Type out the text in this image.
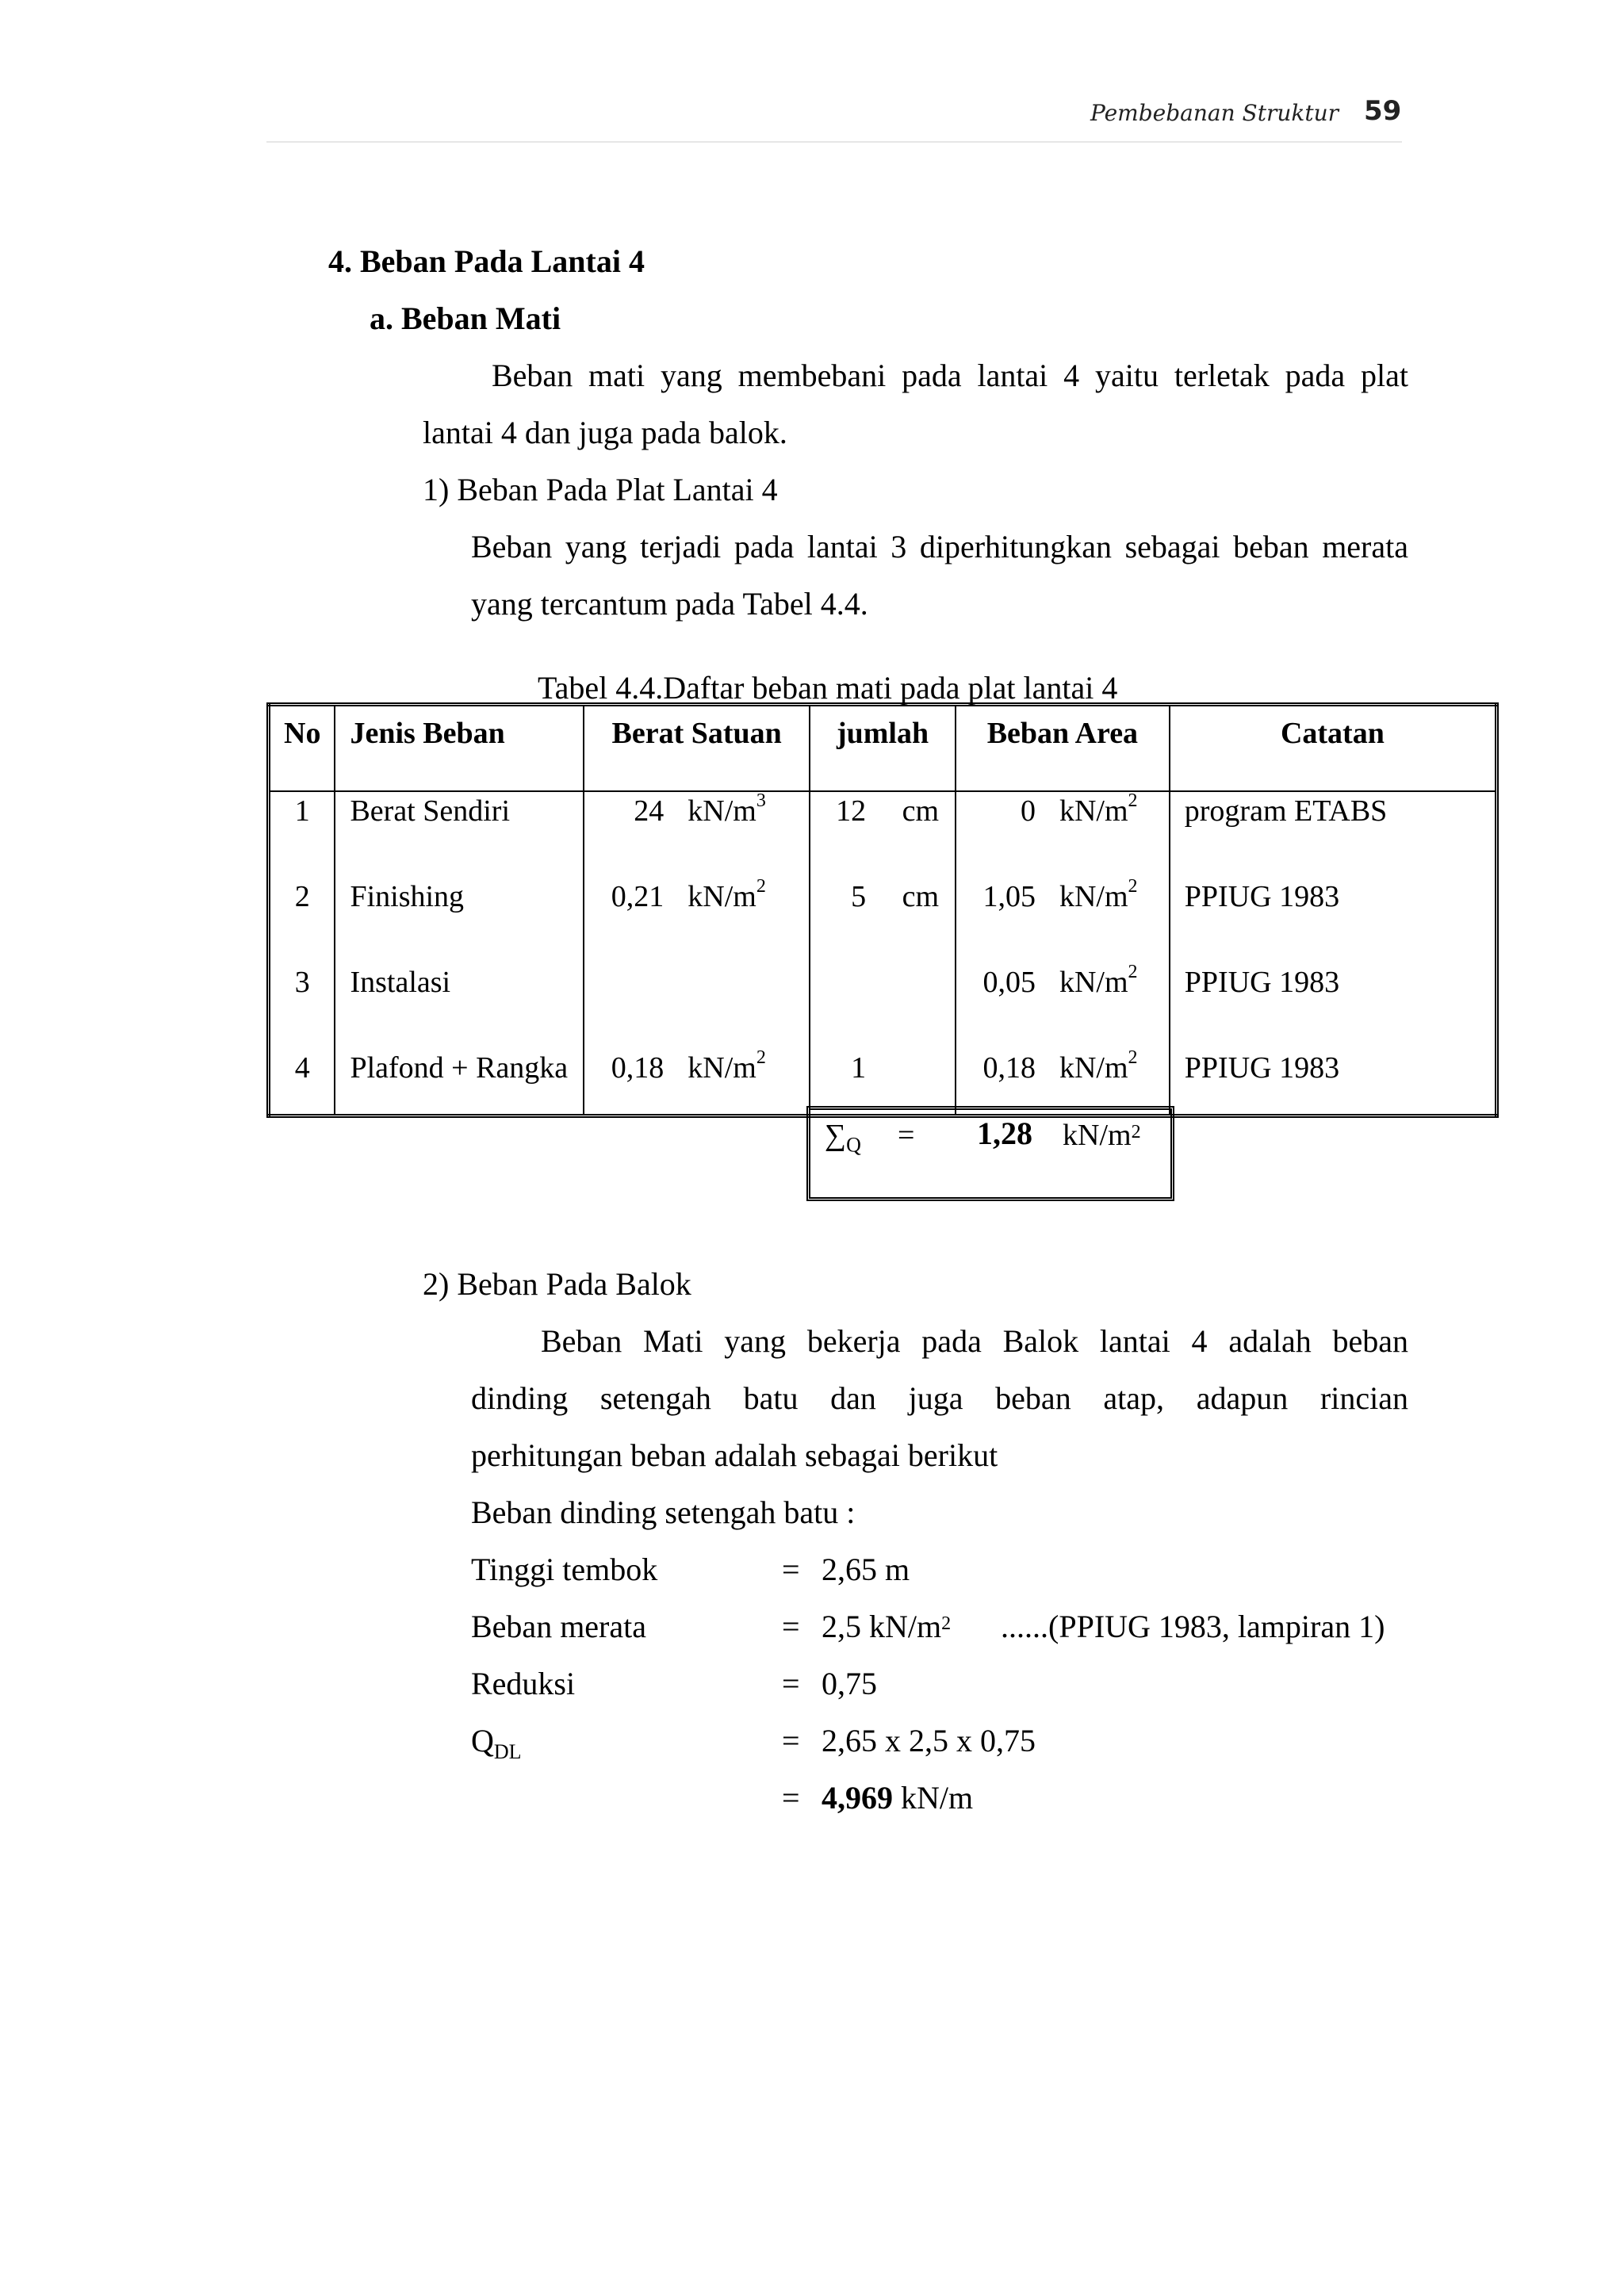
Pembebanan Struktur 59
4. Beban Pada Lantai 4
a. Beban Mati
Beban mati yang membebani pada lantai 4 yaitu terletak pada plat
lantai 4 dan juga pada balok.
1) Beban Pada Plat Lantai 4
Beban yang terjadi pada lantai 3 diperhitungkan sebagai beban merata
yang tercantum pada Tabel 4.4.
Tabel 4.4.Daftar beban mati pada plat lantai 4
No	Jenis Beban	Berat Satuan	jumlah	Beban Area	Catatan
1	Berat Sendiri	24 $kN/m^3$	12 cm	0 $kN/m^2$	program ETABS
2	Finishing	0,21 $kN/m^2$	5 cm	1,05 $kN/m^2$	PPIUG 1983
3	Instalasi			0,05 $kN/m^2$	PPIUG 1983
4	Plafond + Rangka	0,18 $kN/m^2$	1	0,18 $kN/m^2$	PPIUG 1983
$\sum_Q = 1,28$ $kN/m^2$
2) Beban Pada Balok
Beban Mati yang bekerja pada Balok lantai 4 adalah beban
dinding setengah batu dan juga beban atap, adapun rincian
perhitungan beban adalah sebagai berikut
Beban dinding setengah batu :
Tinggi tembok	= 2,65 m
Beban merata	= 2,5 $kN/m^2$ ......(PPIUG 1983, lampiran 1)
Reduksi	= 0,75
$Q_{DL}$	= 2,65 x 2,5 x 0,75
= 4,969 kN/m
